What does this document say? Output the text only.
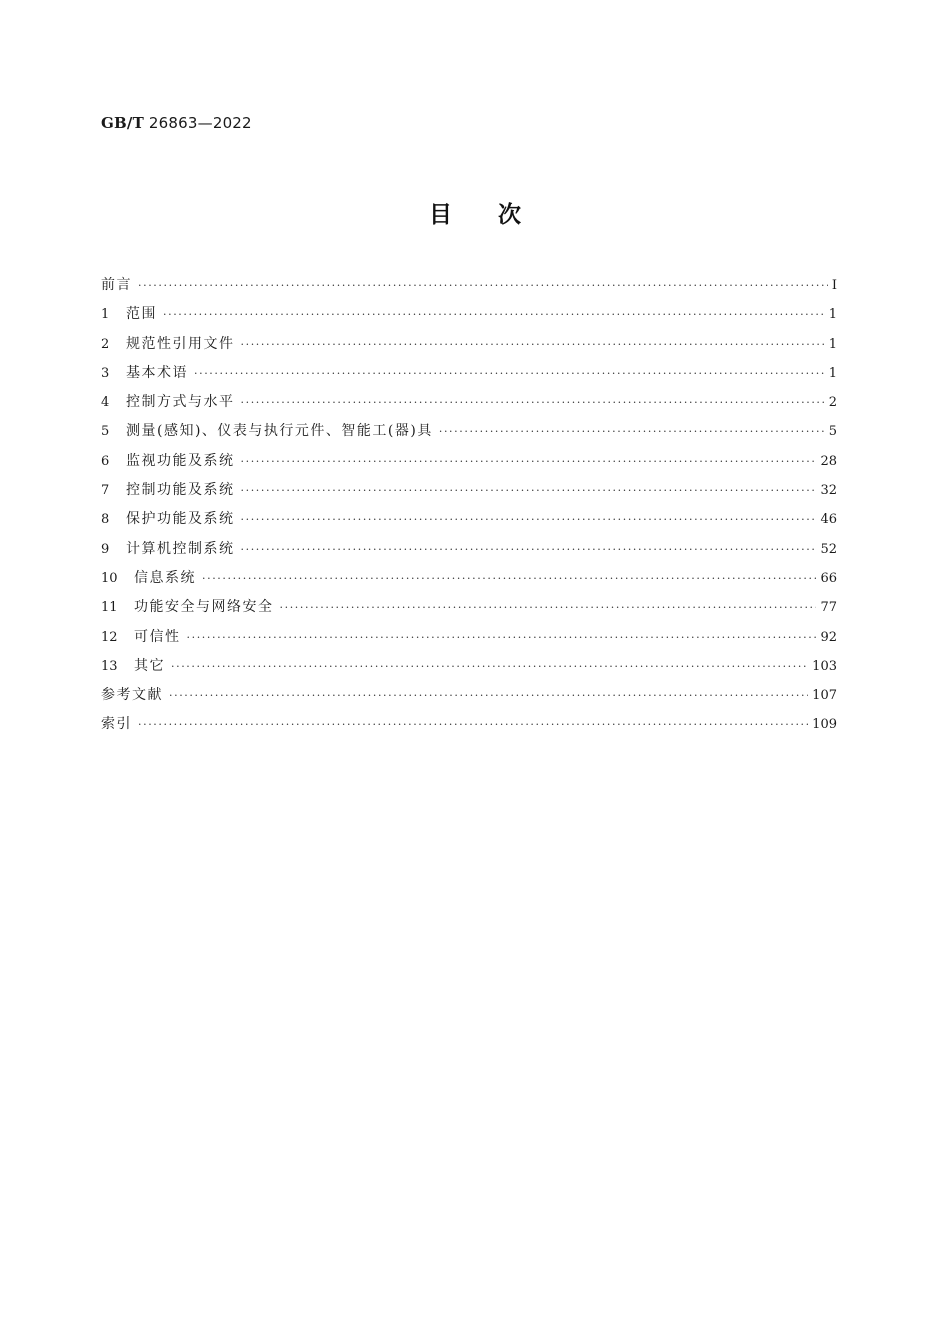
GB/T 26863—2022
目次
前言 ·····	Ⅰ
1	范围 ·····	1
2	规范性引用文件 ·····	1
3	基本术语 ·····	1
4	控制方式与水平 ·····	2
5	测量(感知)、仪表与执行元件、智能工(器)具 ·····	5
6	监视功能及系统 ·····	28
7	控制功能及系统 ·····	32
8	保护功能及系统 ·····	46
9	计算机控制系统 ·····	52
10	信息系统 ·····	66
11	功能安全与网络安全 ·····	77
12	可信性 ·····	92
13	其它 ·····	103
参考文献 ·····	107
索引 ·····	109
